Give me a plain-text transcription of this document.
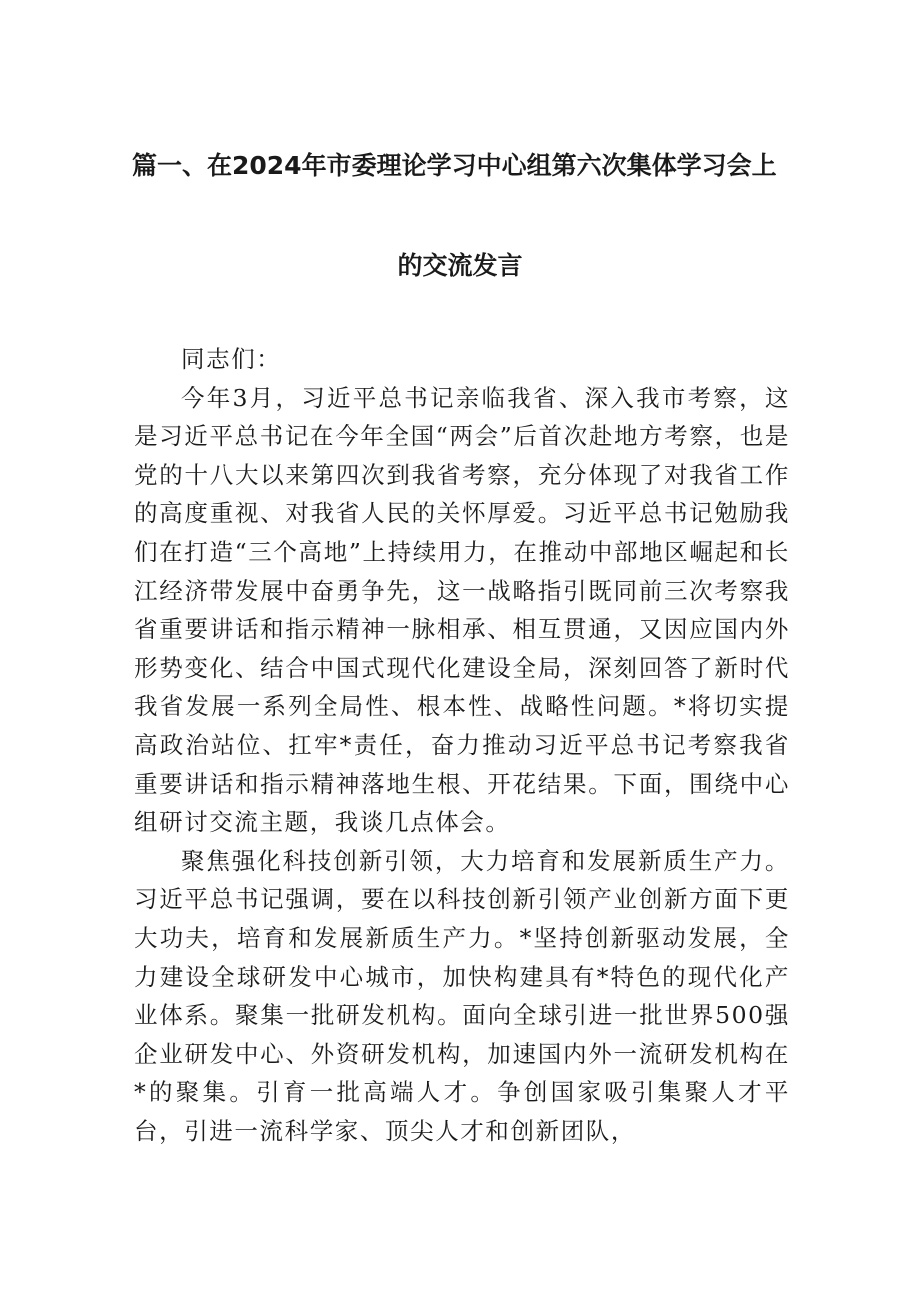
篇一、在2024年市委理论学习中心组第六次集体学习会上
的交流发言

同志们：

今年3月，习近平总书记亲临我省、深入我市考察，这是习近平总书记在今年全国“两会”后首次赴地方考察，也是党的十八大以来第四次到我省考察，充分体现了对我省工作的高度重视、对我省人民的关怀厚爱。习近平总书记勉励我们在打造“三个高地”上持续用力，在推动中部地区崛起和长江经济带发展中奋勇争先，这一战略指引既同前三次考察我省重要讲话和指示精神一脉相承、相互贯通，又因应国内外形势变化、结合中国式现代化建设全局，深刻回答了新时代我省发展一系列全局性、根本性、战略性问题。*将切实提高政治站位、扛牢*责任，奋力推动习近平总书记考察我省重要讲话和指示精神落地生根、开花结果。下面，围绕中心组研讨交流主题，我谈几点体会。

聚焦强化科技创新引领，大力培育和发展新质生产力。习近平总书记强调，要在以科技创新引领产业创新方面下更大功夫，培育和发展新质生产力。*坚持创新驱动发展，全力建设全球研发中心城市，加快构建具有*特色的现代化产业体系。聚集一批研发机构。面向全球引进一批世界500强企业研发中心、外资研发机构，加速国内外一流研发机构在*的聚集。引育一批高端人才。争创国家吸引集聚人才平台，引进一流科学家、顶尖人才和创新团队，
